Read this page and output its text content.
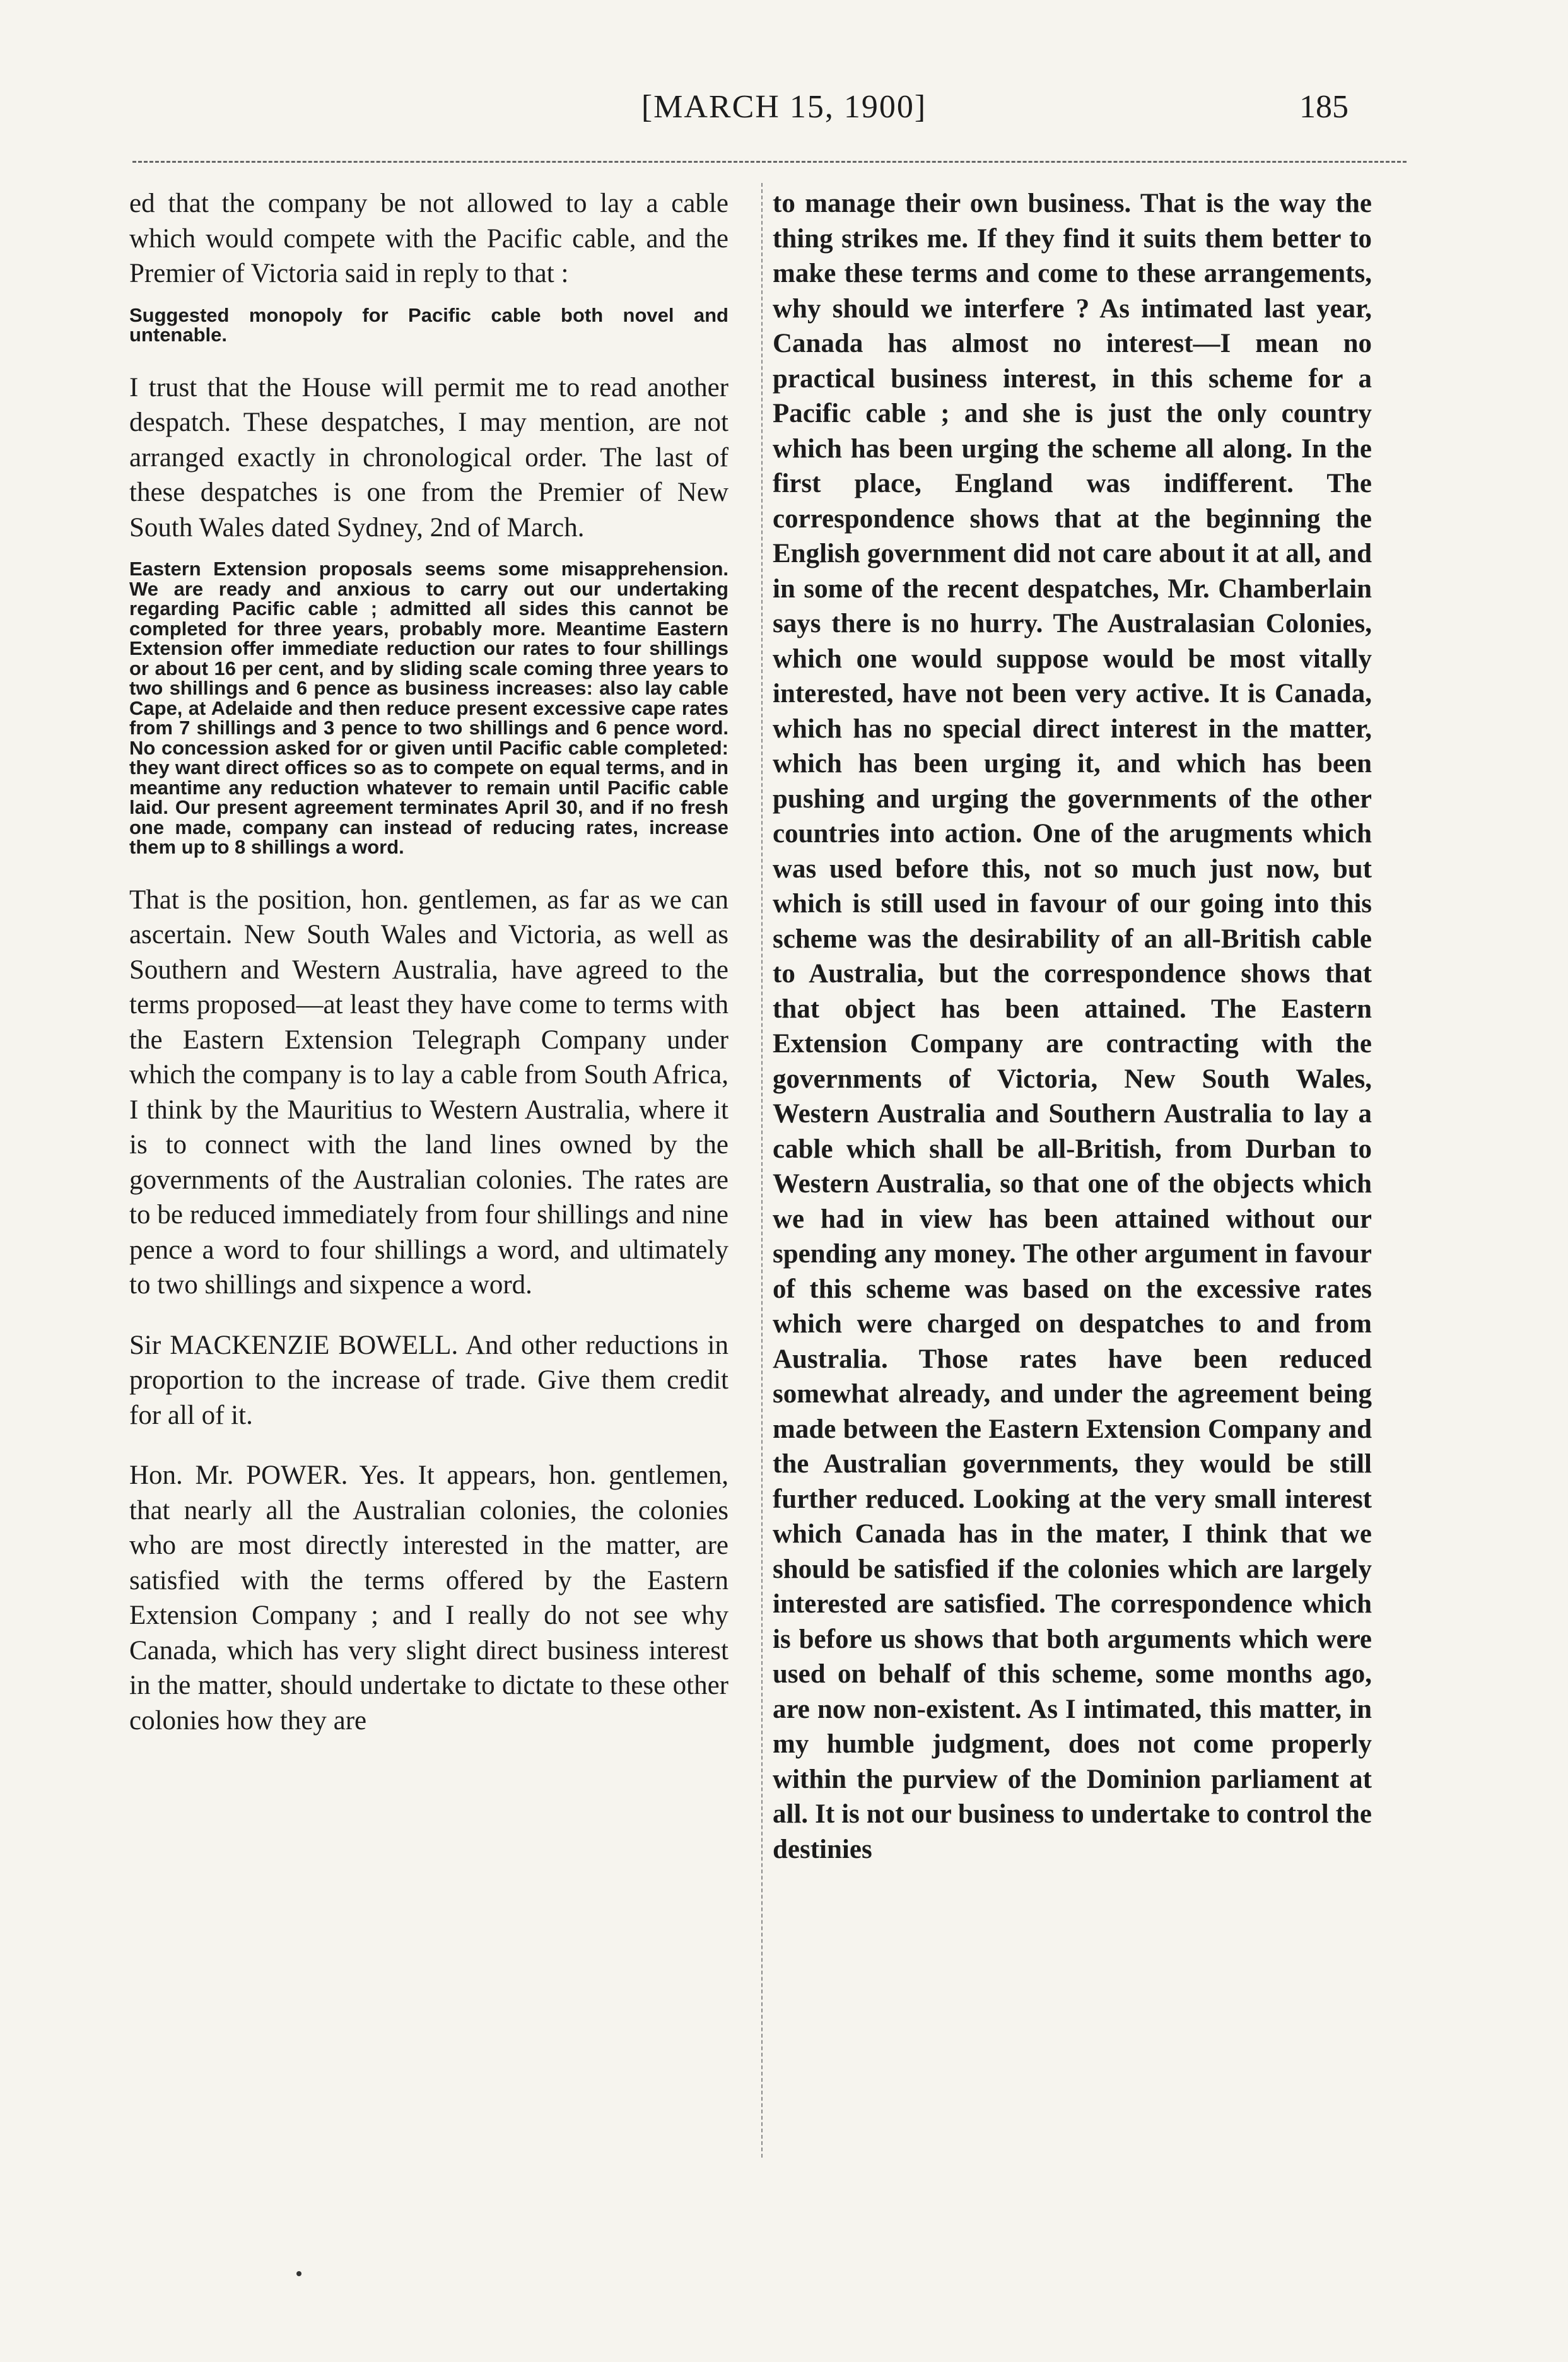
[MARCH 15, 1900]	185

ed that the company be not allowed to lay a cable which would compete with the Pacific cable, and the Premier of Victoria said in reply to that :

Suggested monopoly for Pacific cable both novel and untenable.

I trust that the House will permit me to read another despatch. These despatches, I may mention, are not arranged exactly in chronological order. The last of these despatches is one from the Premier of New South Wales dated Sydney, 2nd of March.

Eastern Extension proposals seems some misapprehension. We are ready and anxious to carry out our undertaking regarding Pacific cable ; admitted all sides this cannot be completed for three years, probably more. Meantime Eastern Extension offer immediate reduction our rates to four shillings or about 16 per cent, and by sliding scale coming three years to two shillings and 6 pence as business increases: also lay cable Cape, at Adelaide and then reduce present excessive cape rates from 7 shillings and 3 pence to two shillings and 6 pence word. No concession asked for or given until Pacific cable completed: they want direct offices so as to compete on equal terms, and in meantime any reduction whatever to remain until Pacific cable laid. Our present agreement terminates April 30, and if no fresh one made, company can instead of reducing rates, increase them up to 8 shillings a word.

That is the position, hon. gentlemen, as far as we can ascertain. New South Wales and Victoria, as well as Southern and Western Australia, have agreed to the terms proposed—at least they have come to terms with the Eastern Extension Telegraph Company under which the company is to lay a cable from South Africa, I think by the Mauritius to Western Australia, where it is to connect with the land lines owned by the governments of the Australian colonies. The rates are to be reduced immediately from four shillings and nine pence a word to four shillings a word, and ultimately to two shillings and sixpence a word.

Sir MACKENZIE BOWELL. And other reductions in proportion to the increase of trade. Give them credit for all of it.

Hon. Mr. POWER. Yes. It appears, hon. gentlemen, that nearly all the Australian colonies, the colonies who are most directly interested in the matter, are satisfied with the terms offered by the Eastern Extension Company ; and I really do not see why Canada, which has very slight direct business interest in the matter, should undertake to dictate to these other colonies how they are

to manage their own business. That is the way the thing strikes me. If they find it suits them better to make these terms and come to these arrangements, why should we interfere ? As intimated last year, Canada has almost no interest—I mean no practical business interest, in this scheme for a Pacific cable ; and she is just the only country which has been urging the scheme all along. In the first place, England was indifferent. The correspondence shows that at the beginning the English government did not care about it at all, and in some of the recent despatches, Mr. Chamberlain says there is no hurry. The Australasian Colonies, which one would suppose would be most vitally interested, have not been very active. It is Canada, which has no special direct interest in the matter, which has been urging it, and which has been pushing and urging the governments of the other countries into action. One of the arugments which was used before this, not so much just now, but which is still used in favour of our going into this scheme was the desirability of an all-British cable to Australia, but the correspondence shows that that object has been attained. The Eastern Extension Company are contracting with the governments of Victoria, New South Wales, Western Australia and Southern Australia to lay a cable which shall be all-British, from Durban to Western Australia, so that one of the objects which we had in view has been attained without our spending any money. The other argument in favour of this scheme was based on the excessive rates which were charged on despatches to and from Australia. Those rates have been reduced somewhat already, and under the agreement being made between the Eastern Extension Company and the Australian governments, they would be still further reduced. Looking at the very small interest which Canada has in the mater, I think that we should be satisfied if the colonies which are largely interested are satisfied. The correspondence which is before us shows that both arguments which were used on behalf of this scheme, some months ago, are now non-existent. As I intimated, this matter, in my humble judgment, does not come properly within the purview of the Dominion parliament at all. It is not our business to undertake to control the destinies
